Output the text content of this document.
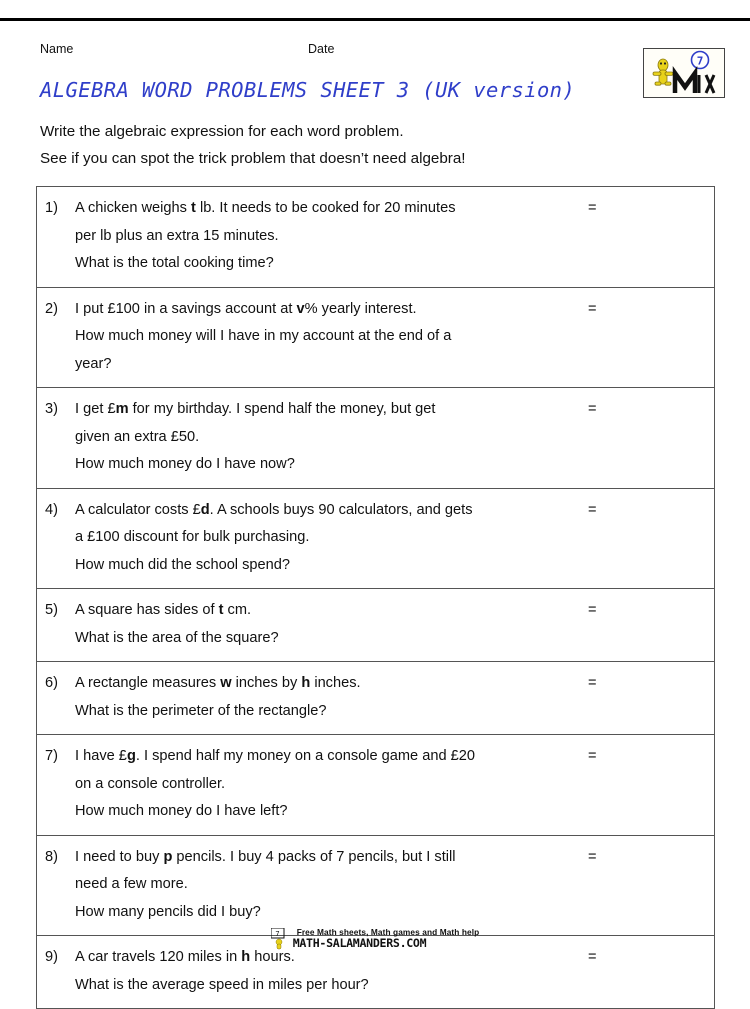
Name	Date
7
ALGEBRA WORD PROBLEMS SHEET 3 (UK version)
Write the algebraic expression for each word problem.
See if you can spot the trick problem that doesn’t need algebra!
1)	A chicken weighs t lb. It needs to be cooked for 20 minutes
per lb plus an extra 15 minutes.
What is the total cooking time?
=
2)	I put £100 in a savings account at v% yearly interest.
How much money will I have in my account at the end of a
year?
=
3)	I get £m for my birthday. I spend half the money, but get
given an extra £50.
How much money do I have now?
=
4)	A calculator costs £d. A schools buys 90 calculators, and gets
a £100 discount for bulk purchasing.
How much did the school spend?
=
5)	A square has sides of t cm.
What is the area of the square?
=
6)	A rectangle measures w inches by h inches.
What is the perimeter of the rectangle?
=
7)	I have £g. I spend half my money on a console game and £20
on a console controller.
How much money do I have left?
=
8)	I need to buy p pencils. I buy 4 packs of 7 pencils, but I still
need a few more.
How many pencils did I buy?
=
9)	A car travels 120 miles in h hours.
What is the average speed in miles per hour?
=
7 Free Math sheets, Math games and Math help
MATH-SALAMANDERS.COM
